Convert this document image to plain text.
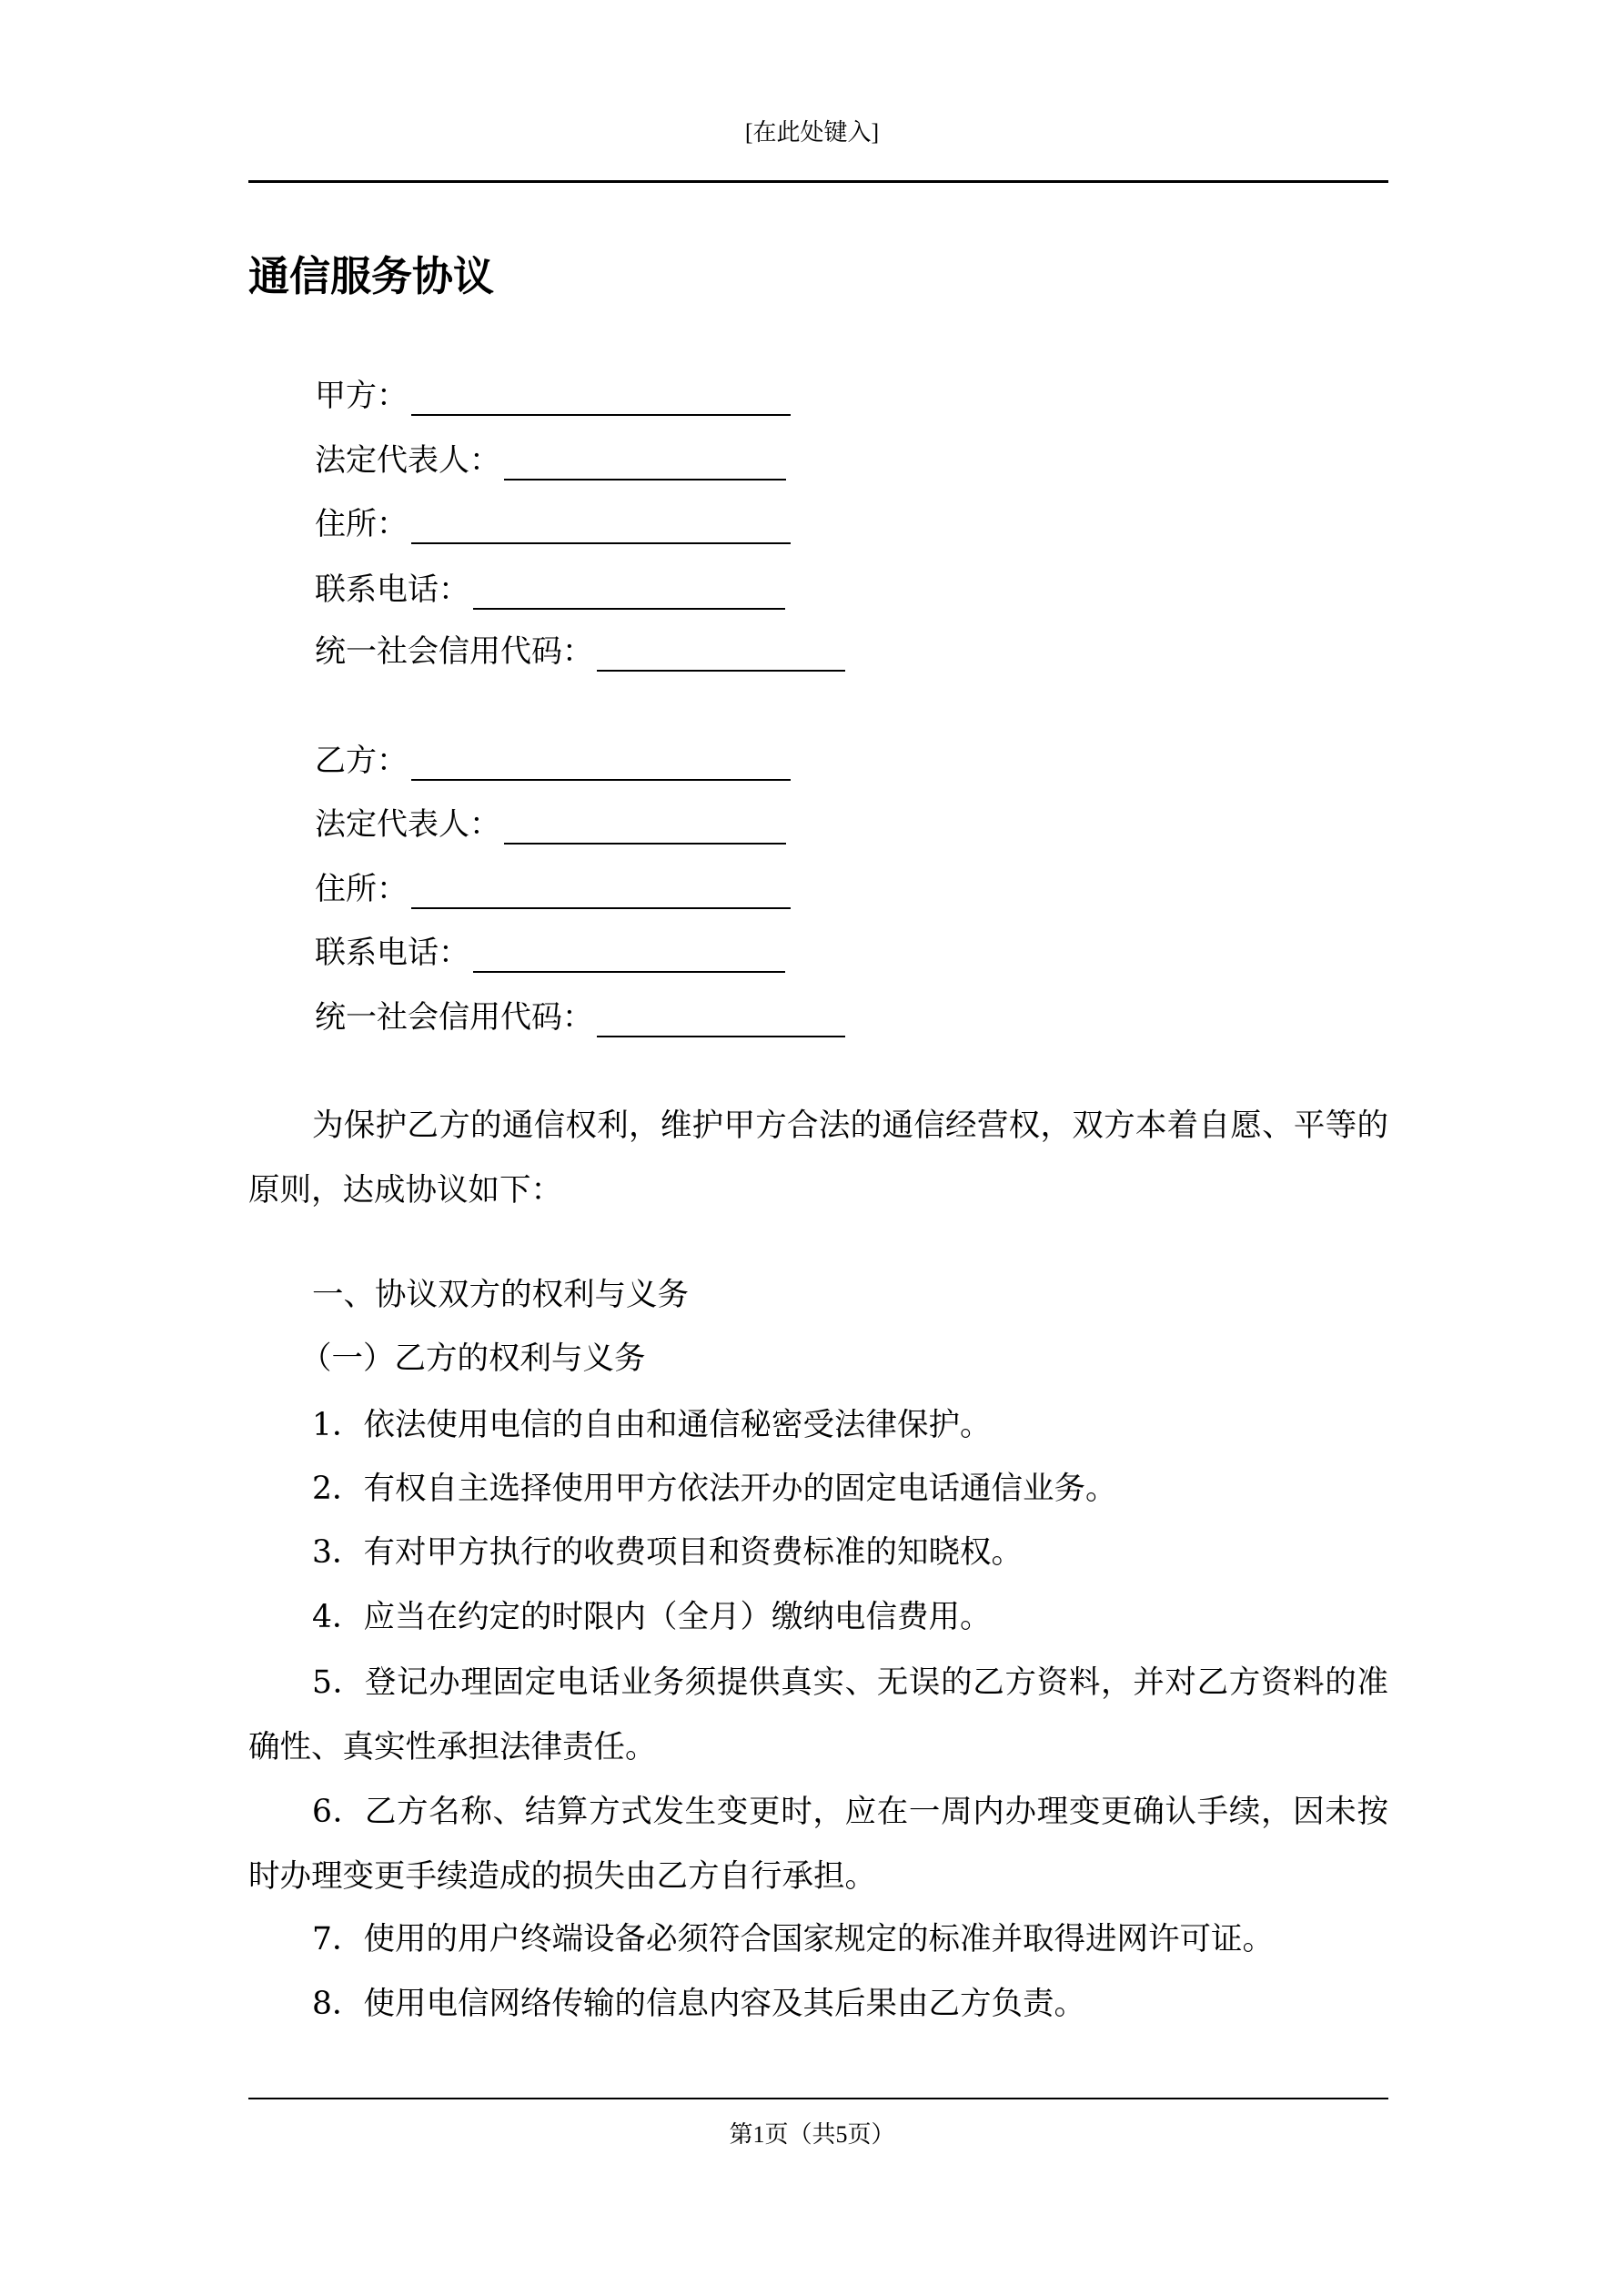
[在此处键入]
通信服务协议
甲方：
法定代表人：
住所：
联系电话：
统一社会信用代码：
乙方：
法定代表人：
住所：
联系电话：
统一社会信用代码：
为保护乙方的通信权利，维护甲方合法的通信经营权，双方本着自愿、平等的原则，达成协议如下：
一、协议双方的权利与义务
（一）乙方的权利与义务
1．依法使用电信的自由和通信秘密受法律保护。
2．有权自主选择使用甲方依法开办的固定电话通信业务。
3．有对甲方执行的收费项目和资费标准的知晓权。
4．应当在约定的时限内（全月）缴纳电信费用。
5．登记办理固定电话业务须提供真实、无误的乙方资料，并对乙方资料的准确性、真实性承担法律责任。
6．乙方名称、结算方式发生变更时，应在一周内办理变更确认手续，因未按时办理变更手续造成的损失由乙方自行承担。
7．使用的用户终端设备必须符合国家规定的标准并取得进网许可证。
8．使用电信网络传输的信息内容及其后果由乙方负责。
第1页（共5页）
